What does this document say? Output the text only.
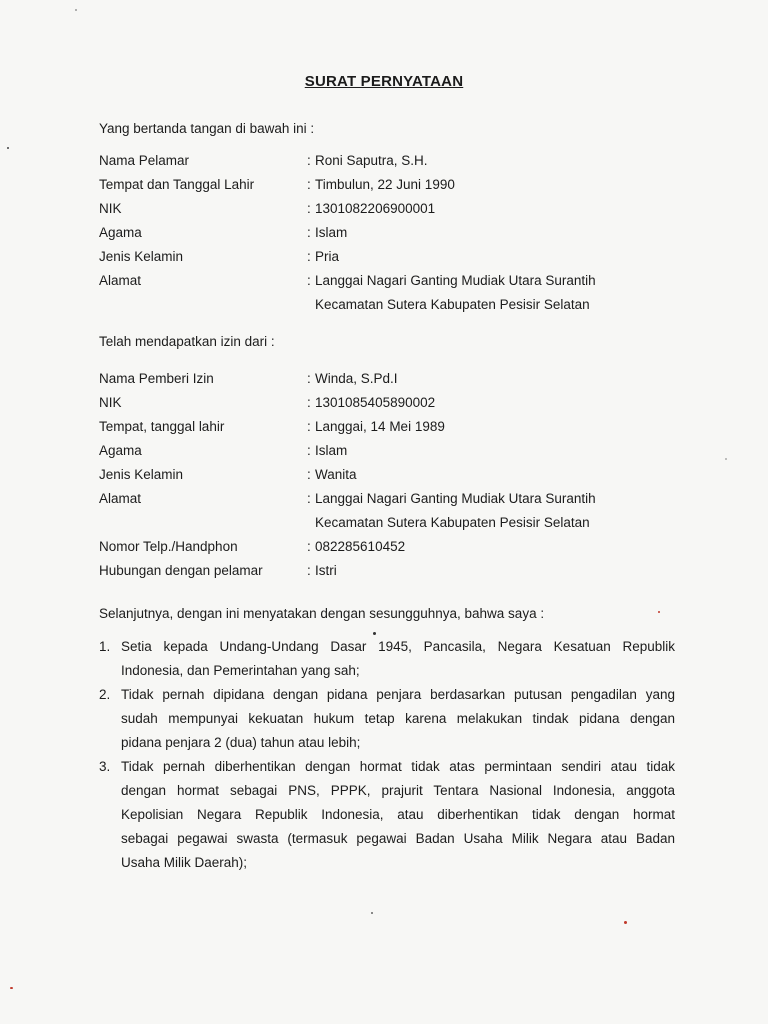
SURAT PERNYATAAN
Yang bertanda tangan di bawah ini :
Nama Pelamar	: Roni Saputra, S.H.
Tempat dan Tanggal Lahir	: Timbulun, 22 Juni 1990
NIK	: 1301082206900001
Agama	: Islam
Jenis Kelamin	: Pria
Alamat	: Langgai Nagari Ganting Mudiak Utara Surantih
Kecamatan Sutera Kabupaten Pesisir Selatan
Telah mendapatkan izin dari :
Nama Pemberi Izin	: Winda, S.Pd.I
NIK	: 1301085405890002
Tempat, tanggal lahir	: Langgai, 14 Mei 1989
Agama	: Islam
Jenis Kelamin	: Wanita
Alamat	: Langgai Nagari Ganting Mudiak Utara Surantih
Kecamatan Sutera Kabupaten Pesisir Selatan
Nomor Telp./Handphon	: 082285610452
Hubungan dengan pelamar	: Istri
Selanjutnya, dengan ini menyatakan dengan sesungguhnya, bahwa saya :
1. Setia kepada Undang-Undang Dasar 1945, Pancasila, Negara Kesatuan Republik
Indonesia, dan Pemerintahan yang sah;
2. Tidak pernah dipidana dengan pidana penjara berdasarkan putusan pengadilan yang
sudah mempunyai kekuatan hukum tetap karena melakukan tindak pidana dengan
pidana penjara 2 (dua) tahun atau lebih;
3. Tidak pernah diberhentikan dengan hormat tidak atas permintaan sendiri atau tidak
dengan hormat sebagai PNS, PPPK, prajurit Tentara Nasional Indonesia, anggota
Kepolisian Negara Republik Indonesia, atau diberhentikan tidak dengan hormat
sebagai pegawai swasta (termasuk pegawai Badan Usaha Milik Negara atau Badan
Usaha Milik Daerah);
